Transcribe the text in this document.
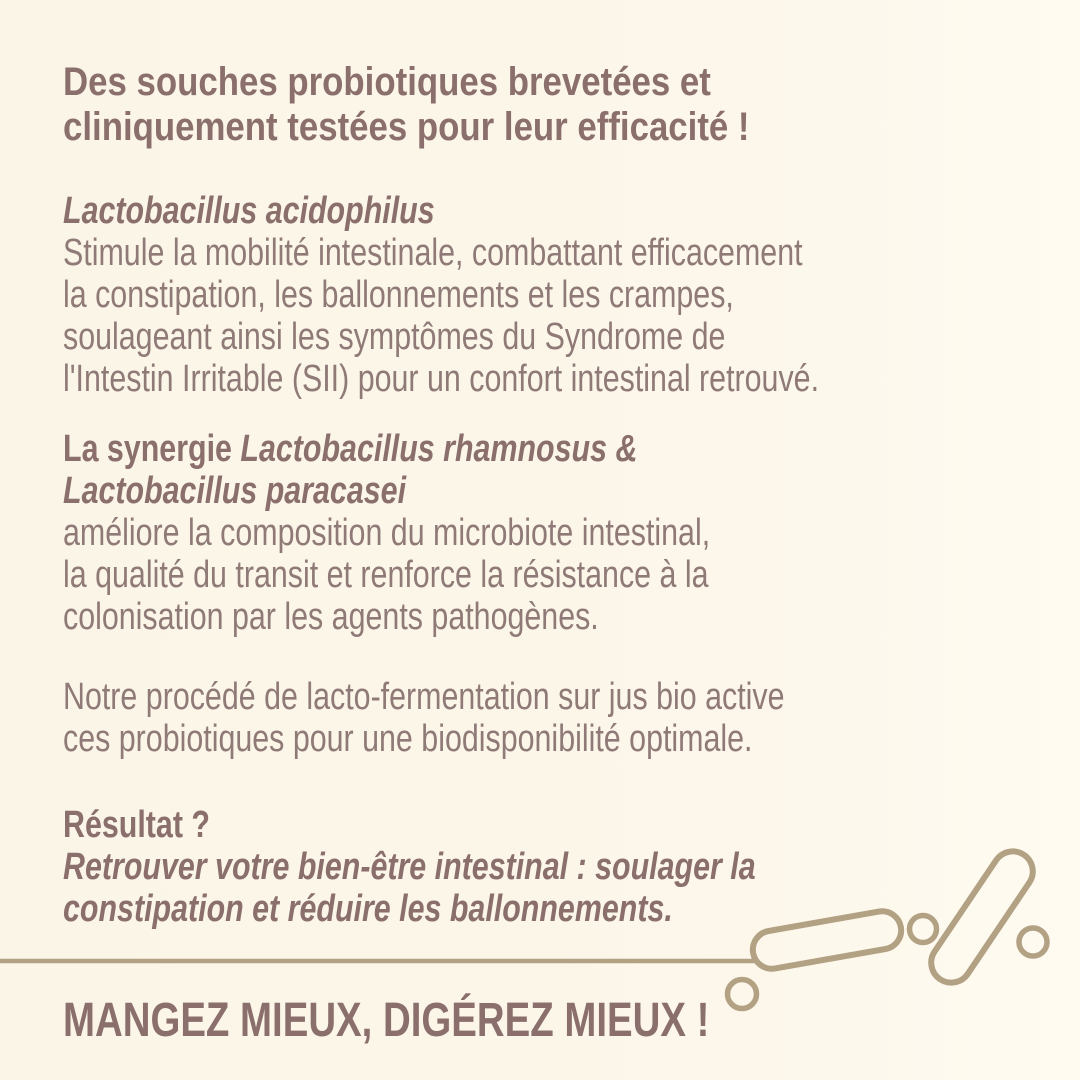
Des souches probiotiques brevetées et
cliniquement testées pour leur efficacité !
Lactobacillus acidophilus
Stimule la mobilité intestinale, combattant efficacement
la constipation, les ballonnements et les crampes,
soulageant ainsi les symptômes du Syndrome de
l'Intestin Irritable (SII) pour un confort intestinal retrouvé.
La synergie Lactobacillus rhamnosus &
Lactobacillus paracasei
améliore la composition du microbiote intestinal,
la qualité du transit et renforce la résistance à la
colonisation par les agents pathogènes.
Notre procédé de lacto-fermentation sur jus bio active
ces probiotiques pour une biodisponibilité optimale.
Résultat ?
Retrouver votre bien-être intestinal : soulager la
constipation et réduire les ballonnements.
MANGEZ MIEUX, DIGÉREZ MIEUX !
